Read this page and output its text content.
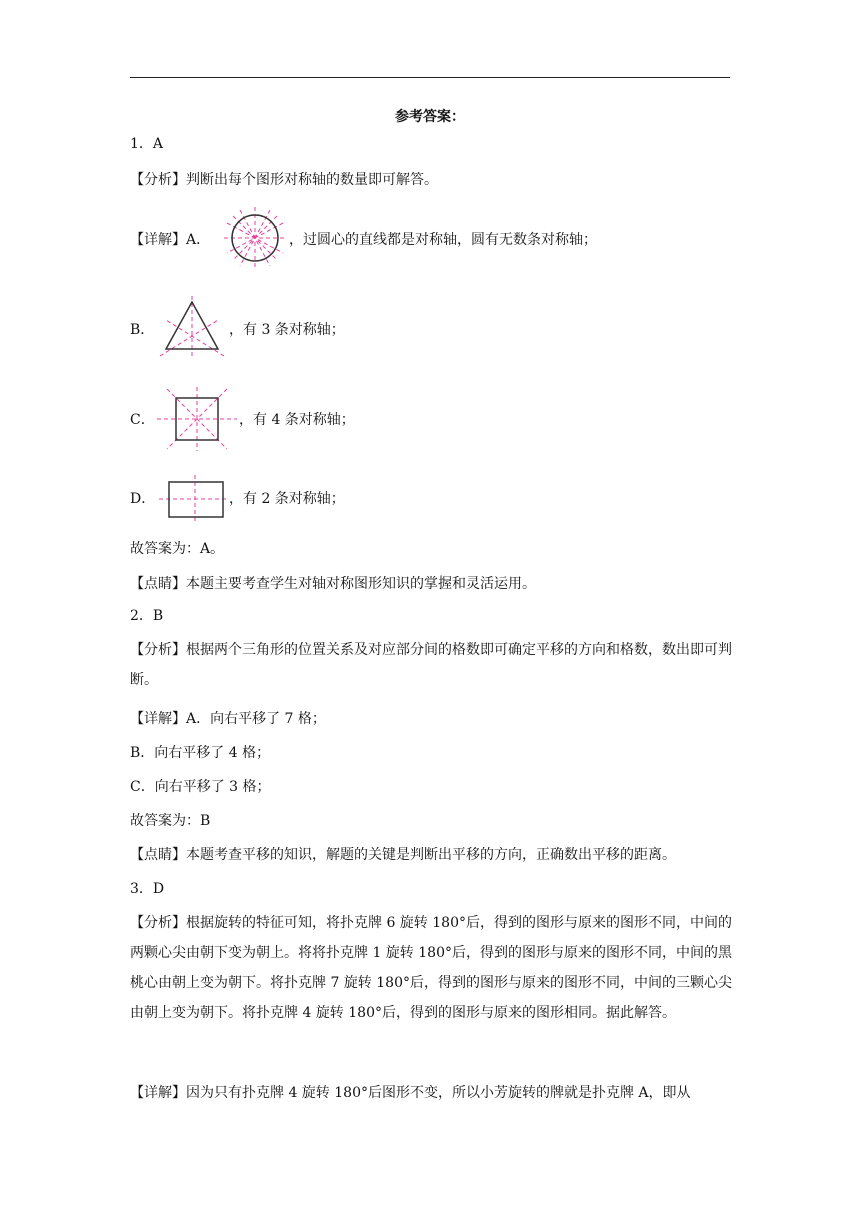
参考答案：
1．A
【分析】判断出每个图形对称轴的数量即可解答。
【详解】A．	，过圆心的直线都是对称轴，圆有无数条对称轴；
B．	，有 3 条对称轴；
C．	，有 4 条对称轴；
D．	，有 2 条对称轴；
故答案为：A。
【点睛】本题主要考查学生对轴对称图形知识的掌握和灵活运用。
2．B
【分析】根据两个三角形的位置关系及对应部分间的格数即可确定平移的方向和格数，数出即可判断。
【详解】A．向右平移了 7 格；
B．向右平移了 4 格；
C．向右平移了 3 格；
故答案为：B
【点睛】本题考查平移的知识，解题的关键是判断出平移的方向，正确数出平移的距离。
3．D
【分析】根据旋转的特征可知，将扑克牌 6 旋转 180°后，得到的图形与原来的图形不同，中间的两颗心尖由朝下变为朝上。将将扑克牌 1 旋转 180°后，得到的图形与原来的图形不同，中间的黑桃心由朝上变为朝下。将扑克牌 7 旋转 180°后，得到的图形与原来的图形不同，中间的三颗心尖由朝上变为朝下。将扑克牌 4 旋转 180°后，得到的图形与原来的图形相同。据此解答。
【详解】因为只有扑克牌 4 旋转 180°后图形不变，所以小芳旋转的牌就是扑克牌 A，即从
